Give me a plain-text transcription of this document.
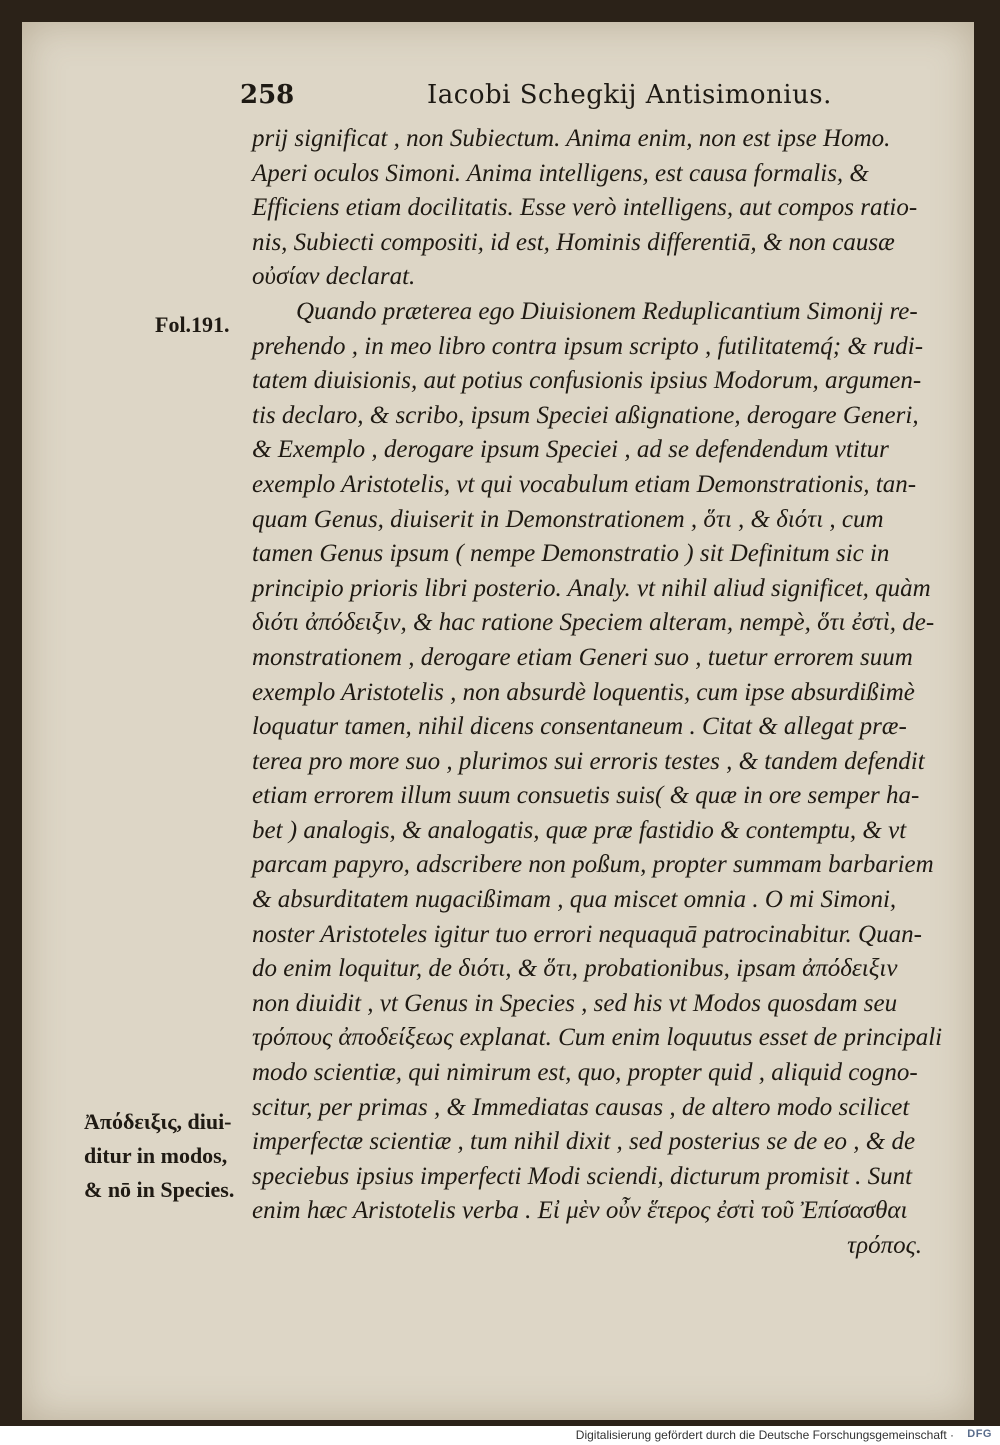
258	Iacobi Schegkij Antisimonius.
Fol.191.
Ἀπόδειξις, diui-
ditur in modos,
& nō in Species.
prij significat , non Subiectum. Anima enim, non est ipse Homo.
Aperi oculos Simoni. Anima intelligens, est causa formalis, &
Efficiens etiam docilitatis. Esse verò intelligens, aut compos ratio-
nis, Subiecti compositi, id est, Hominis differentiā, & non causæ
οὐσίαν declarat.
Quando præterea ego Diuisionem Reduplicantium Simonij re-
prehendo , in meo libro contra ipsum scripto , futilitatemq́; & rudi-
tatem diuisionis, aut potius confusionis ipsius Modorum, argumen-
tis declaro, & scribo, ipsum Speciei aßignatione, derogare Generi,
& Exemplo , derogare ipsum Speciei , ad se defendendum vtitur
exemplo Aristotelis, vt qui vocabulum etiam Demonstrationis, tan-
quam Genus, diuiserit in Demonstrationem , ὅτι , & διότι , cum
tamen Genus ipsum ( nempe Demonstratio ) sit Definitum sic in
principio prioris libri posterio. Analy. vt nihil aliud significet, quàm
διότι ἀπόδειξιν, & hac ratione Speciem alteram, nempè, ὅτι ἐστὶ, de-
monstrationem , derogare etiam Generi suo , tuetur errorem suum
exemplo Aristotelis , non absurdè loquentis, cum ipse absurdißimè
loquatur tamen, nihil dicens consentaneum . Citat & allegat præ-
terea pro more suo , plurimos sui erroris testes , & tandem defendit
etiam errorem illum suum consuetis suis( & quæ in ore semper ha-
bet ) analogis, & analogatis, quæ præ fastidio & contemptu, & vt
parcam papyro, adscribere non poßum, propter summam barbariem
& absurditatem nugacißimam , qua miscet omnia . O mi Simoni,
noster Aristoteles igitur tuo errori nequaquā patrocinabitur. Quan-
do enim loquitur, de διότι, & ὅτι, probationibus, ipsam ἀπόδειξιν
non diuidit , vt Genus in Species , sed his vt Modos quosdam seu
τρόπους ἀποδείξεως explanat. Cum enim loquutus esset de principali
modo scientiæ, qui nimirum est, quo, propter quid , aliquid cogno-
scitur, per primas , & Immediatas causas , de altero modo scilicet
imperfectæ scientiæ , tum nihil dixit , sed posterius se de eo , & de
speciebus ipsius imperfecti Modi sciendi, dicturum promisit . Sunt
enim hæc Aristotelis verba . Εἰ μὲν οὖν ἕτερος ἐστὶ τοῦ Ἐπίσασθαι
τρόπος.
Digitalisierung gefördert durch die Deutsche Forschungsgemeinschaft · DFG
